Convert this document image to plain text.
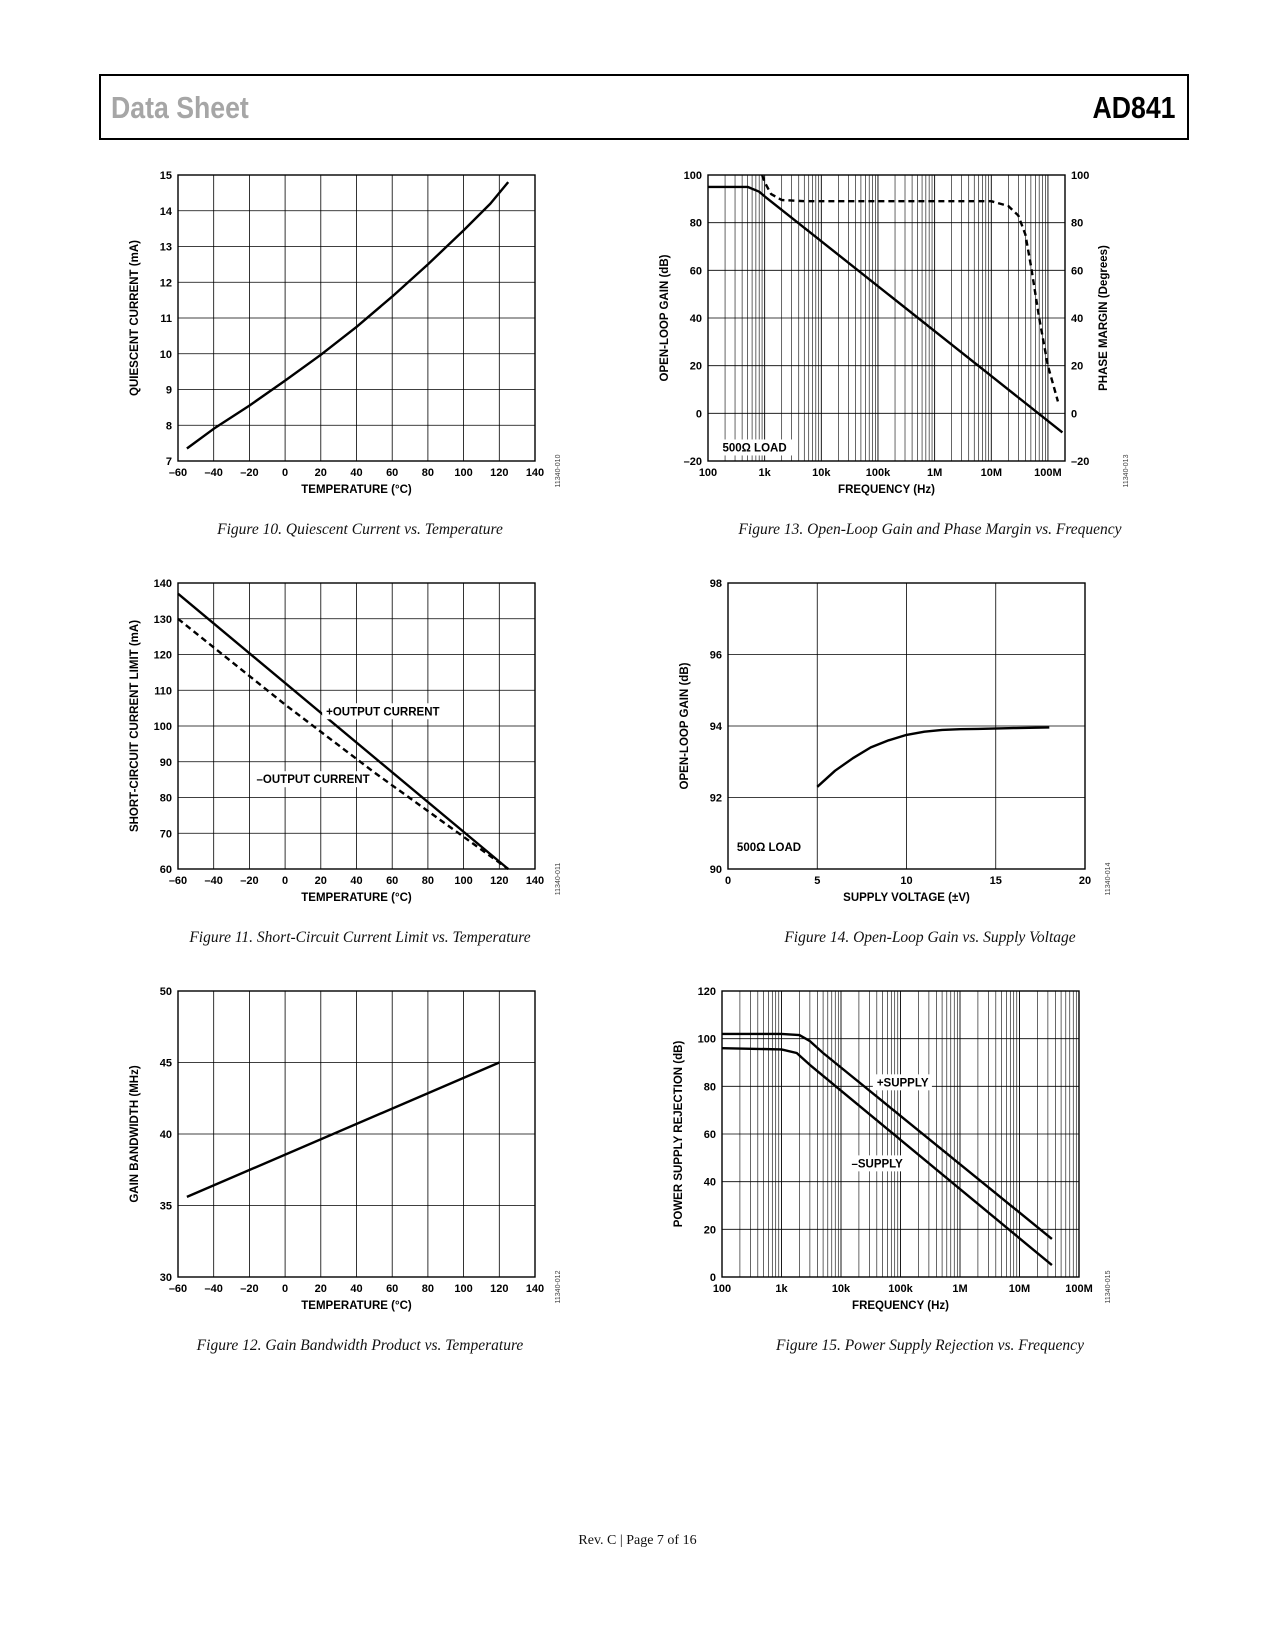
Data Sheet	AD841
–60 –40 –20 0 20 40 60 80 100 120 140
7
8
9
10
11
12
13
14
15
TEMPERATURE (°C)
QUIESCENT CURRENT (mA)
11340-010
Figure 10. Quiescent Current vs. Temperature
–60 –40 –20 0 20 40 60 80 100 120 140
60
70
80
90
100
110
120
130
140
TEMPERATURE (°C)
SHORT-CIRCUIT CURRENT LIMIT (mA)
11340-011
+OUTPUT CURRENT
–OUTPUT CURRENT
Figure 11. Short-Circuit Current Limit vs. Temperature
–60 –40 –20 0 20 40 60 80 100 120 140
30
35
40
45
50
TEMPERATURE (°C)
GAIN BANDWIDTH (MHz)
11340-012
Figure 12. Gain Bandwidth Product vs. Temperature
100	1k	10k	100k	1M	10M	100M
–20
0
20
40
60
80
100
–20
0
20
40
60
80
100
PHASE MARGIN (Degrees)
FREQUENCY (Hz)
OPEN-LOOP GAIN (dB)
11340-013
500Ω LOAD
Figure 13. Open-Loop Gain and Phase Margin vs. Frequency
0	5	10	15	20
90
92
94
96
98
SUPPLY VOLTAGE (±V)
OPEN-LOOP GAIN (dB)
11340-014
500Ω LOAD
Figure 14. Open-Loop Gain vs. Supply Voltage
100	1k	10k	100k	1M	10M	100M
0
20
40
60
80
100
120
FREQUENCY (Hz)
POWER SUPPLY REJECTION (dB)
11340-015
+SUPPLY
–SUPPLY
Figure 15. Power Supply Rejection vs. Frequency
Rev. C | Page 7 of 16
